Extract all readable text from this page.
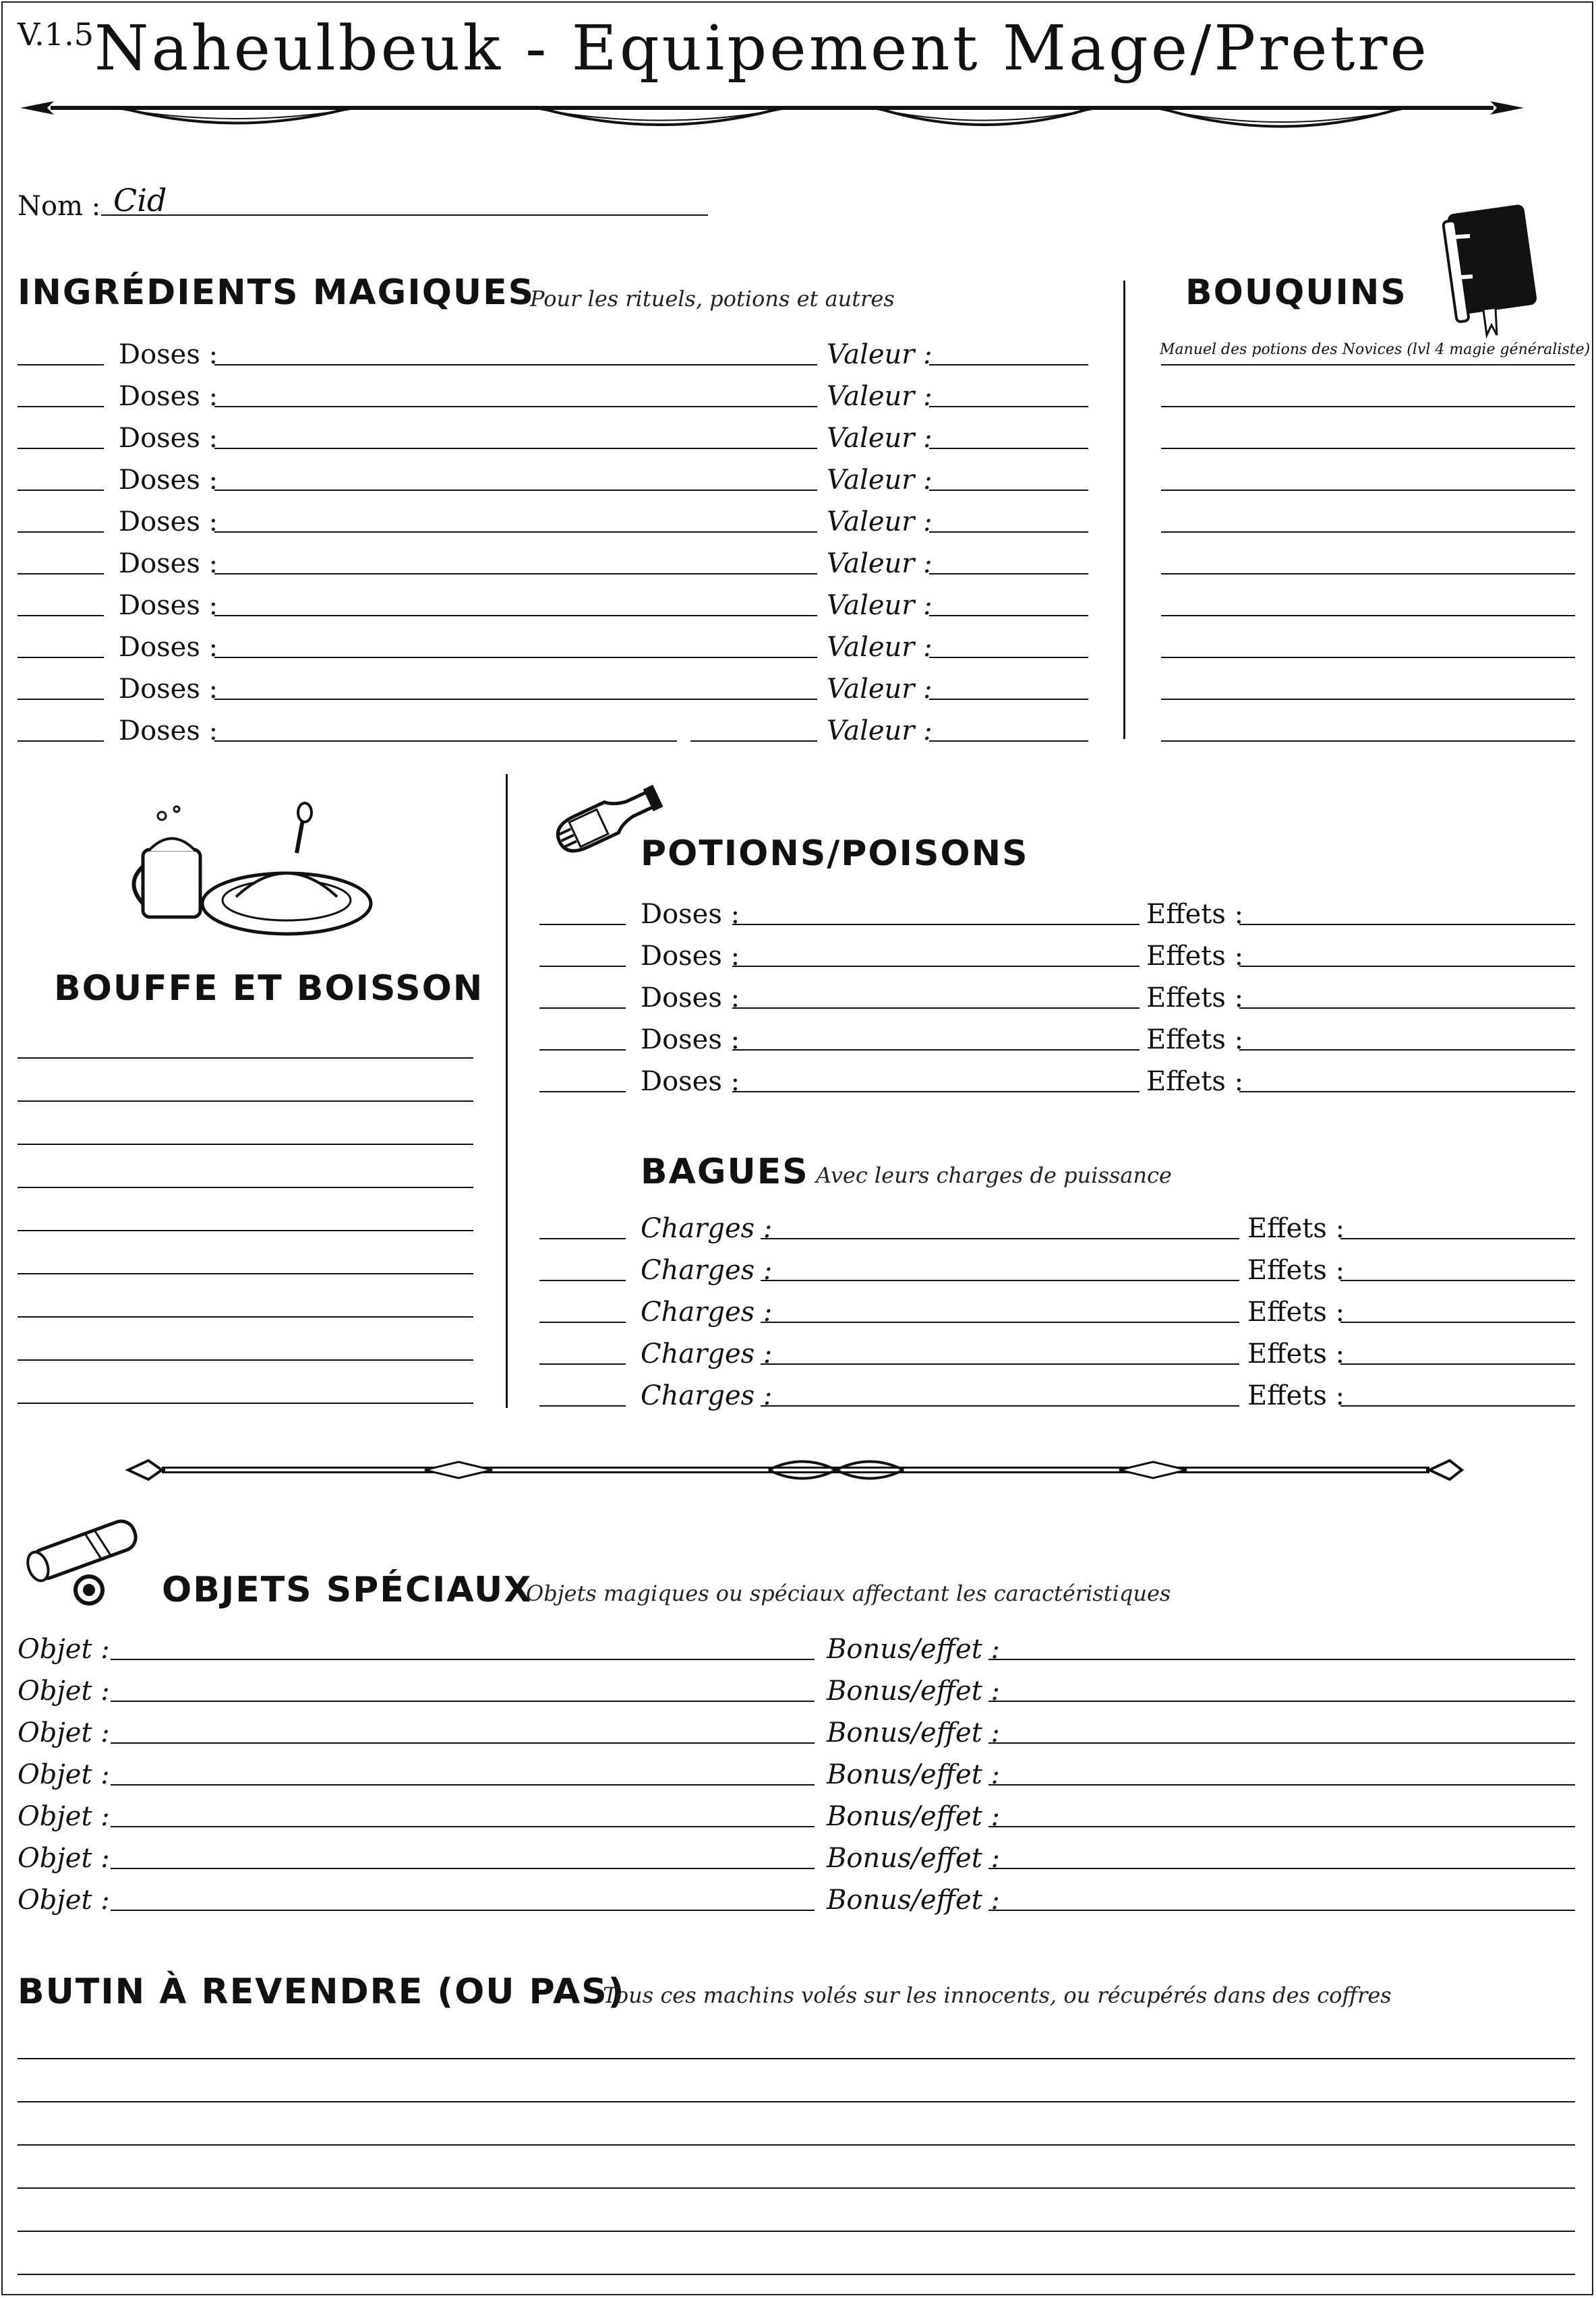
V.1.5 Naheulbeuk - Equipement Mage/Pretre
Nom : Cid
INGRÉDIENTS MAGIQUES
Pour les rituels, potions et autres	BOUQUINS
Manuel des potions des Novices (lvl 4 magie généraliste)
BOUFFE ET BOISSON
POTIONS/POISONS
BAGUES Avec leurs charges de puissance
OBJETS SPÉCIAUX
Objets magiques ou spéciaux affectant les caractéristiques
BUTIN À REVENDRE (OU PAS)
Tous ces machins volés sur les innocents, ou récupérés dans des coffres
Doses :	Valeur :
Doses :	Valeur :
Doses :	Valeur :
Doses :	Valeur :
Doses :	Valeur :
Doses :	Valeur :
Doses :	Valeur :
Doses :	Valeur :
Doses :	Valeur :
Doses :	Valeur :
Doses :	Effets :
Doses :	Effets :
Doses :	Effets :
Doses :	Effets :
Doses :	Effets :
Charges :	Effets :
Charges :	Effets :
Charges :	Effets :
Charges :	Effets :
Charges :	Effets :
Objet :	Bonus/effet :
Objet :	Bonus/effet :
Objet :	Bonus/effet :
Objet :	Bonus/effet :
Objet :	Bonus/effet :
Objet :	Bonus/effet :
Objet :	Bonus/effet :
